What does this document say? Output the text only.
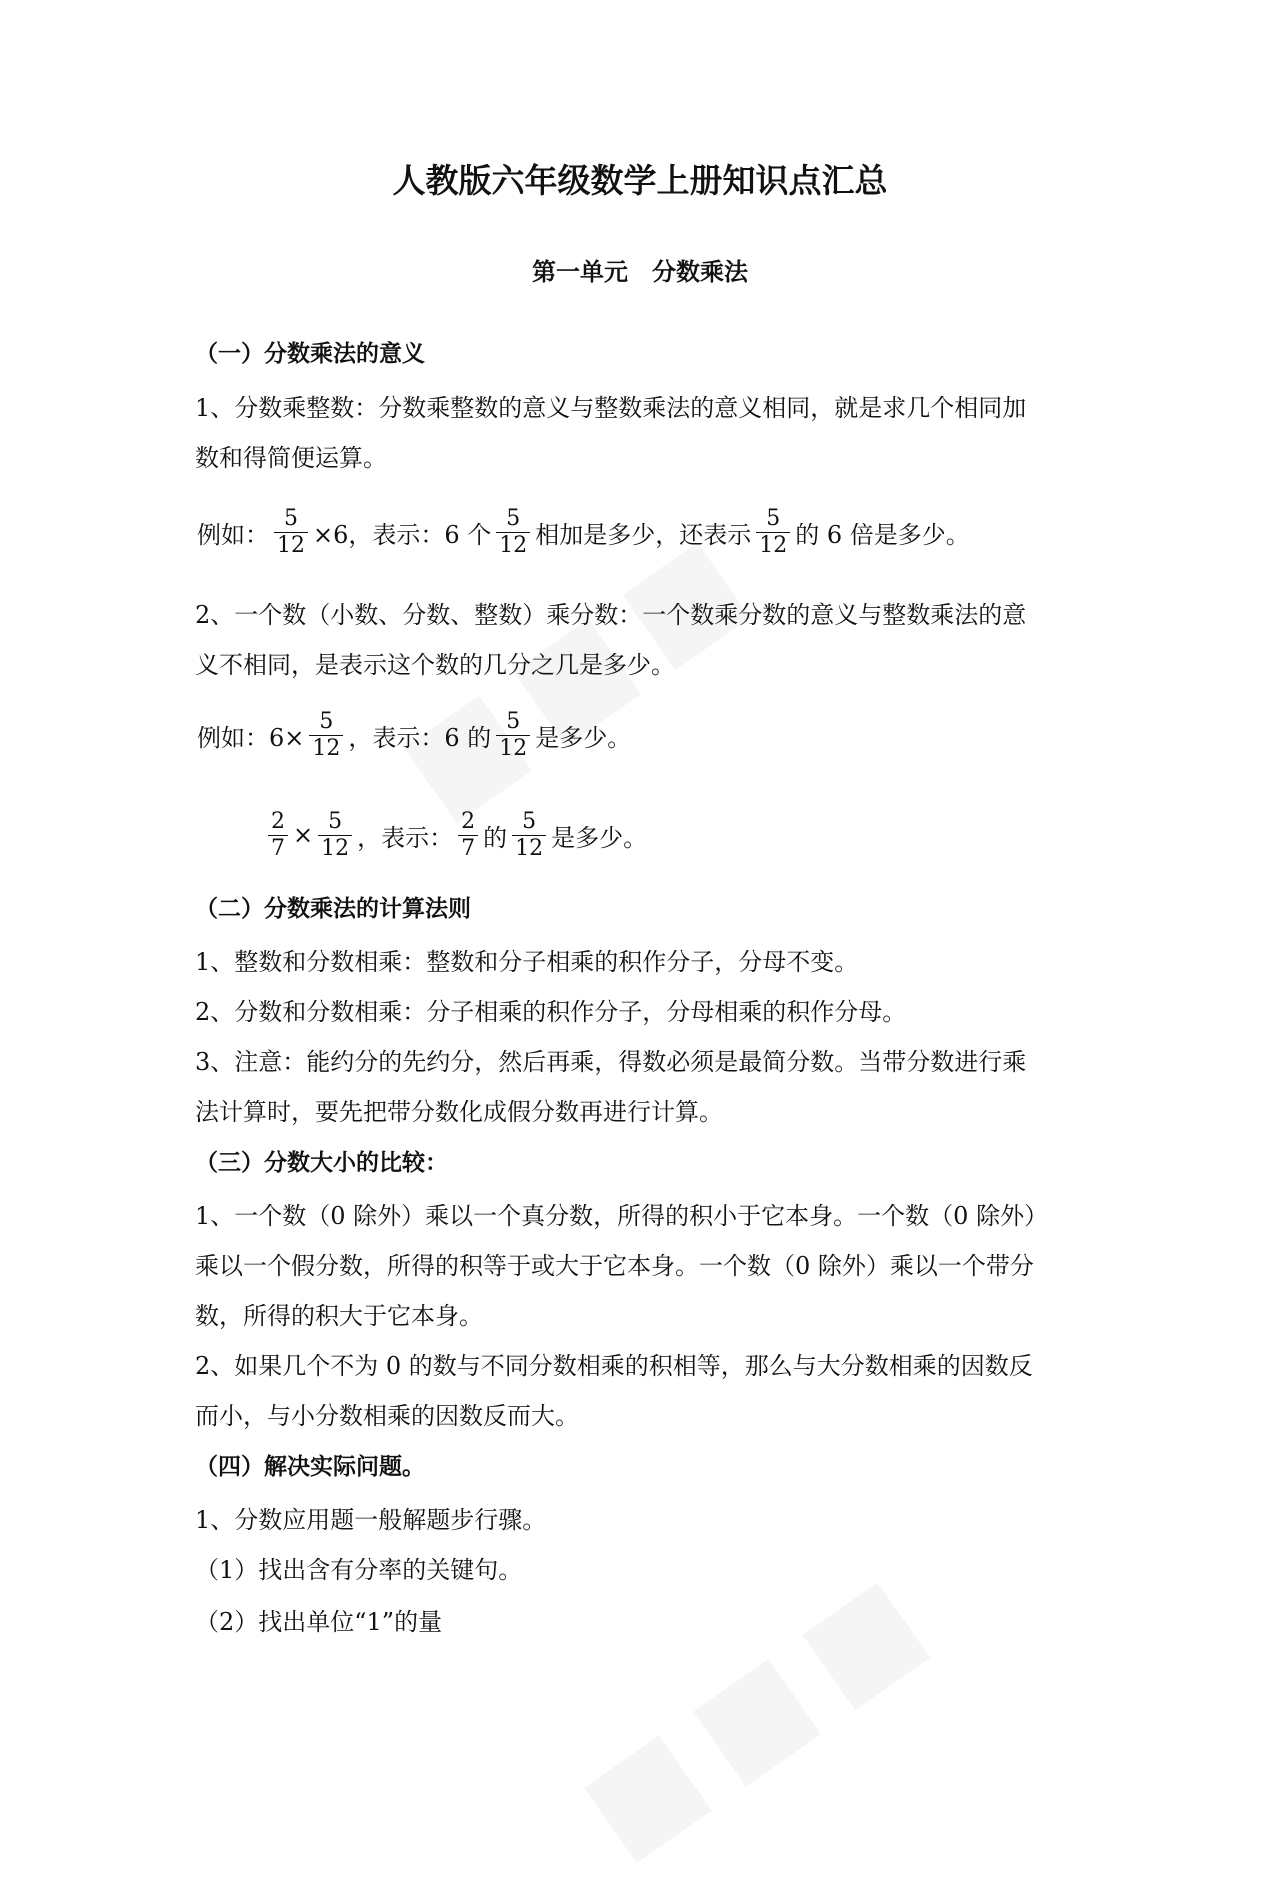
人教版六年级数学上册知识点汇总
第一单元　分数乘法
（一）分数乘法的意义
1、分数乘整数：分数乘整数的意义与整数乘法的意义相同，就是求几个相同加
数和得简便运算。
例如： $\frac{5}{12} \times 6$，表示：6 个 $\frac{5}{12}$ 相加是多少，还表示 $\frac{5}{12}$ 的 6 倍是多少。
2、一个数（小数、分数、整数）乘分数：一个数乘分数的意义与整数乘法的意
义不相同，是表示这个数的几分之几是多少。
例如：$6\times \frac{5}{12}$ ，表示：6 的 $\frac{5}{12}$ 是多少。
$\frac{2}{7} \times \frac{5}{12}$ ，表示： $\frac{2}{7}$ 的 $\frac{5}{12}$ 是多少。
（二）分数乘法的计算法则
1、整数和分数相乘：整数和分子相乘的积作分子，分母不变。
2、分数和分数相乘：分子相乘的积作分子，分母相乘的积作分母。
3、注意：能约分的先约分，然后再乘，得数必须是最简分数。当带分数进行乘
法计算时，要先把带分数化成假分数再进行计算。
（三）分数大小的比较：
1、一个数（0 除外）乘以一个真分数，所得的积小于它本身。一个数（0 除外）
乘以一个假分数，所得的积等于或大于它本身。一个数（0 除外）乘以一个带分
数，所得的积大于它本身。
2、如果几个不为 0 的数与不同分数相乘的积相等，那么与大分数相乘的因数反
而小，与小分数相乘的因数反而大。
（四）解决实际问题。
1、分数应用题一般解题步行骤。
（1）找出含有分率的关键句。
（2）找出单位“1”的量
